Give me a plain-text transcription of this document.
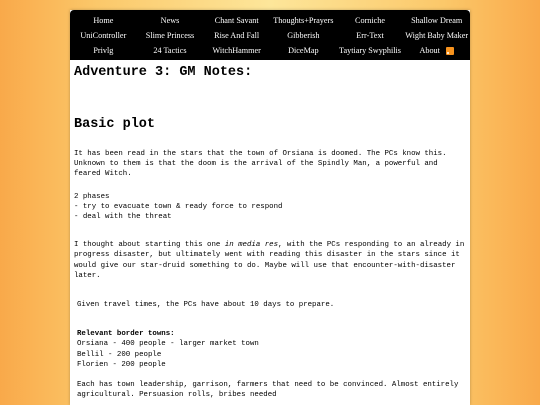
Home	News	Chant Savant	Thoughts+Prayers	Corniche	Shallow Dream
UniController	Slime Princess	Rise And Fall	Gibberish	Err-Text	Wight Baby Maker
Privlg	24 Tactics	WitchHammer	DiceMap	Taytiary Swyphilis	About
Adventure 3: GM Notes:
Basic plot

It has been read in the stars that the town of Orsiana is doomed. The PCs know this. Unknown to them is that the doom is the arrival of the Spindly Man, a powerful and feared Witch.

2 phases

- try to evacuate town & ready force to respond

- deal with the threat

I thought about starting this one in media res, with the PCs responding to an already in progress disaster, but ultimately went with reading this disaster in the stars since it would give our star-druid something to do. Maybe will use that encounter-with-disaster later.

Given travel times, the PCs have about 10 days to prepare.

Relevant border towns:

Orsiana - 400 people - larger market town

Bellil - 200 people

Florien - 200 people

Each has town leadership, garrison, farmers that need to be convinced. Almost entirely agricultural. Persuasion rolls, bribes needed
